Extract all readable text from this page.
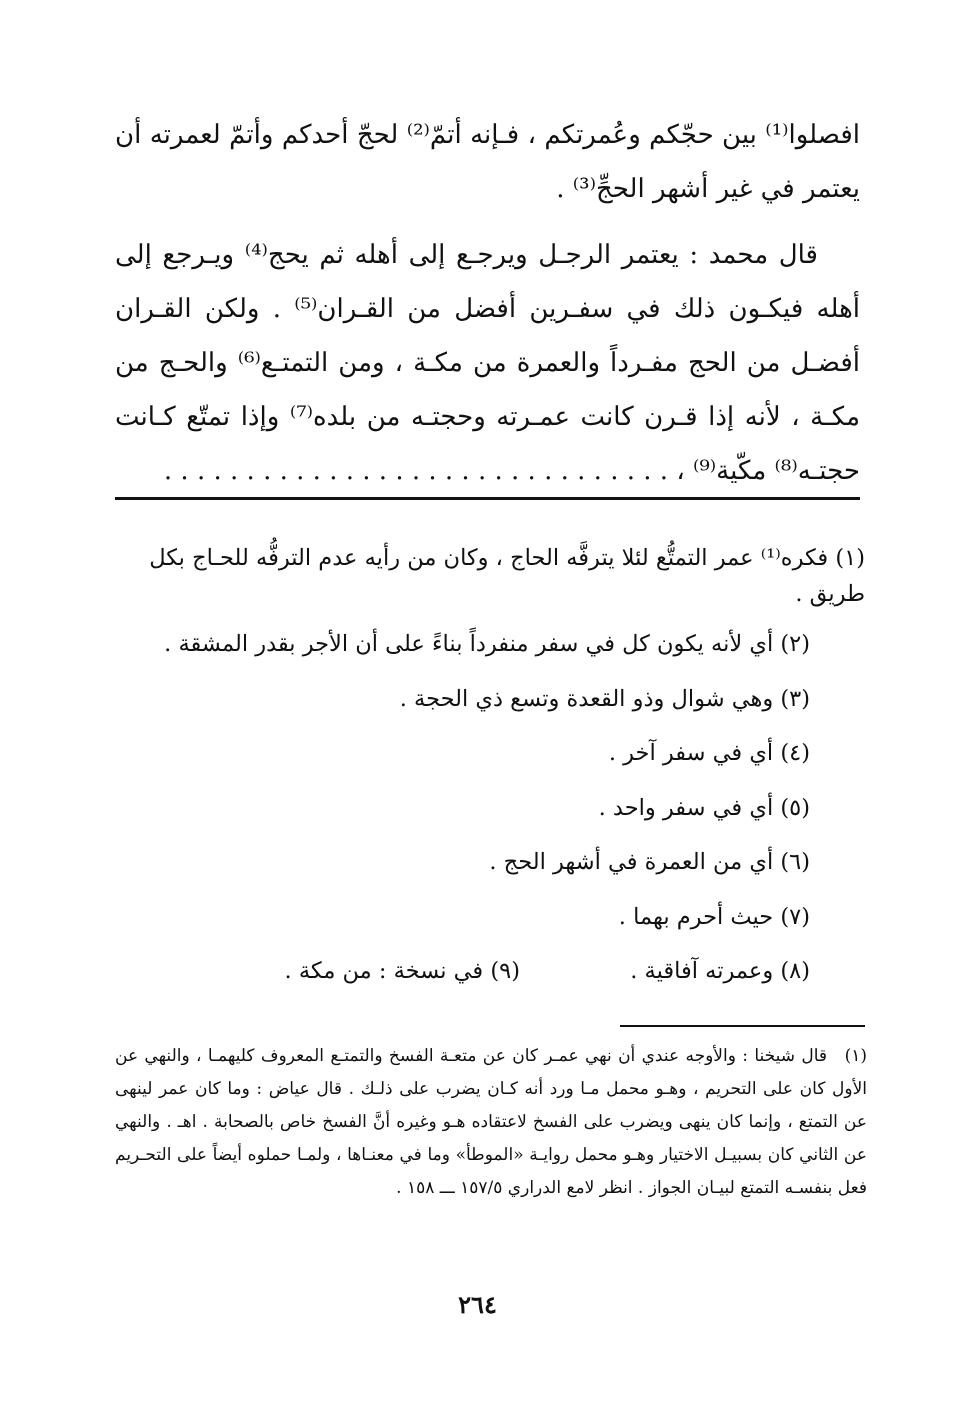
افصلوا⁽¹⁾ بين حجّكم وعُمرتكم ، فـإنه أتمّ⁽²⁾ لحجّ أحدكم وأتمّ لعمرته أن يعتمر في غير أشهر الحجِّ⁽³⁾ .

قال محمد : يعتمر الرجـل ويرجـع إلى أهله ثم يحج⁽⁴⁾ ويـرجع إلى أهله فيكـون ذلك في سفـرين أفضل من القـران⁽⁵⁾ . ولكن القـران أفضـل من الحج مفـرداً والعمرة من مكـة ، ومن التمتـع⁽⁶⁾ والحـج من مكـة ، لأنه إذا قـرن كانت عمـرته وحجتـه من بلده⁽⁷⁾ وإذا تمتّع كـانت حجتـه⁽⁸⁾ مكّية⁽⁹⁾ ، . . . . . . . . . . . . . . . . . . . . . . . . . . . . . . .

(١) فكره⁽¹⁾ عمر التمتُّع لئلا يترفَّه الحاج ، وكان من رأيه عدم الترفُّه للحـاج بكل طريق .

(٢) أي لأنه يكون كل في سفر منفرداً بناءً على أن الأجر بقدر المشقة .

(٣) وهي شوال وذو القعدة وتسع ذي الحجة .

(٤) أي في سفر آخر .

(٥) أي في سفر واحد .

(٦) أي من العمرة في أشهر الحج .

(٧) حيث أحرم بهما .

(٨) وعمرته آفاقية .
(٩) في نسخة : من مكة .
(١)قال شيخنا : والأوجه عندي أن نهي عمـر كان عن متعـة الفسخ والتمتـع المعروف كليهمـا ، والنهي عن الأول كان على التحريم ، وهـو محمل مـا ورد أنه كـان يضرب على ذلـك . قال عياض : وما كان عمر لينهى عن التمتع ، وإنما كان ينهى ويضرب على الفسخ لاعتقاده هـو وغيره أنَّ الفسخ خاص بالصحابة . اهـ . والنهي عن الثاني كان بسبيـل الاختيار وهـو محمل روايـة «الموطأ» وما في معنـاها ، ولمـا حملوه أيضاً على التحـريم فعل بنفسـه التمتع لبيـان الجواز . انظر لامع الدراري ١٥٧/٥ ـــ ١٥٨ .
٢٦٤
